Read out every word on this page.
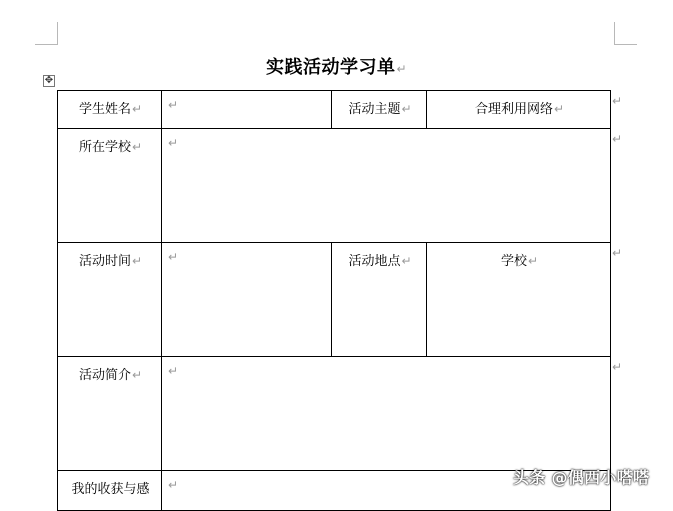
实践活动学习单↵
✥
学生姓名↵	↵	活动主题↵	合理利用网络↵
所在学校↵	↵		
活动时间↵	↵	活动地点↵	学校↵
活动简介↵	↵		
我的收获与感	↵		
↵
↵
↵
↵
头条 @偶西小嗒嗒
